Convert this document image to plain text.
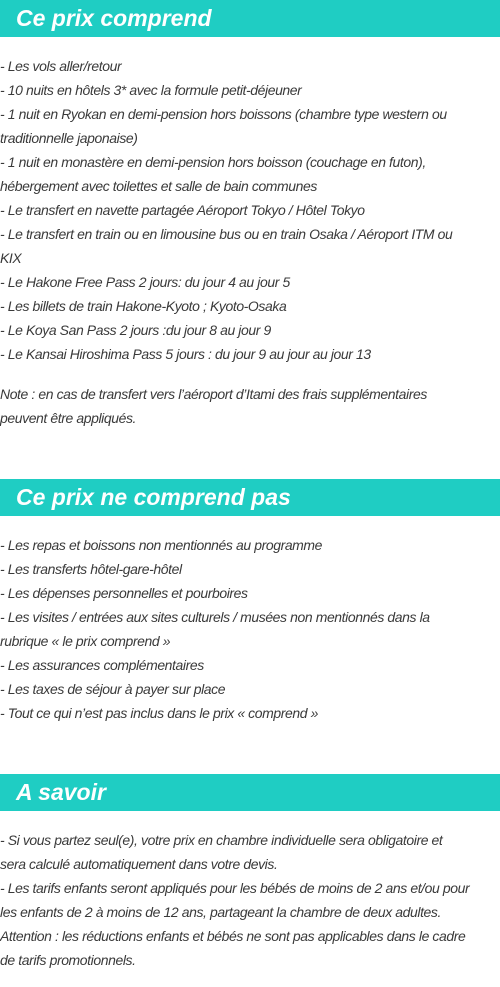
Ce prix comprend
- Les vols aller/retour
- 10 nuits en hôtels 3* avec la formule petit-déjeuner
- 1 nuit en Ryokan en demi-pension hors boissons (chambre type western ou
traditionnelle japonaise)
- 1 nuit en monastère en demi-pension hors boisson (couchage en futon),
hébergement avec toilettes et salle de bain communes
- Le transfert en navette partagée Aéroport Tokyo / Hôtel Tokyo
- Le transfert en train ou en limousine bus ou en train Osaka / Aéroport ITM ou
KIX
- Le Hakone Free Pass 2 jours: du jour 4 au jour 5
- Les billets de train Hakone-Kyoto ; Kyoto-Osaka
- Le Koya San Pass 2 jours :du jour 8 au jour 9
- Le Kansai Hiroshima Pass 5 jours : du jour 9 au jour au jour 13
Note : en cas de transfert vers l’aéroport d’Itami des frais supplémentaires
peuvent être appliqués.
Ce prix ne comprend pas
- Les repas et boissons non mentionnés au programme
- Les transferts hôtel-gare-hôtel
- Les dépenses personnelles et pourboires
- Les visites / entrées aux sites culturels / musées non mentionnés dans la
rubrique « le prix comprend »
- Les assurances complémentaires
- Les taxes de séjour à payer sur place
- Tout ce qui n’est pas inclus dans le prix « comprend »
A savoir
- Si vous partez seul(e), votre prix en chambre individuelle sera obligatoire et
sera calculé automatiquement dans votre devis.
- Les tarifs enfants seront appliqués pour les bébés de moins de 2 ans et/ou pour
les enfants de 2 à moins de 12 ans, partageant la chambre de deux adultes.
Attention : les réductions enfants et bébés ne sont pas applicables dans le cadre
de tarifs promotionnels.
